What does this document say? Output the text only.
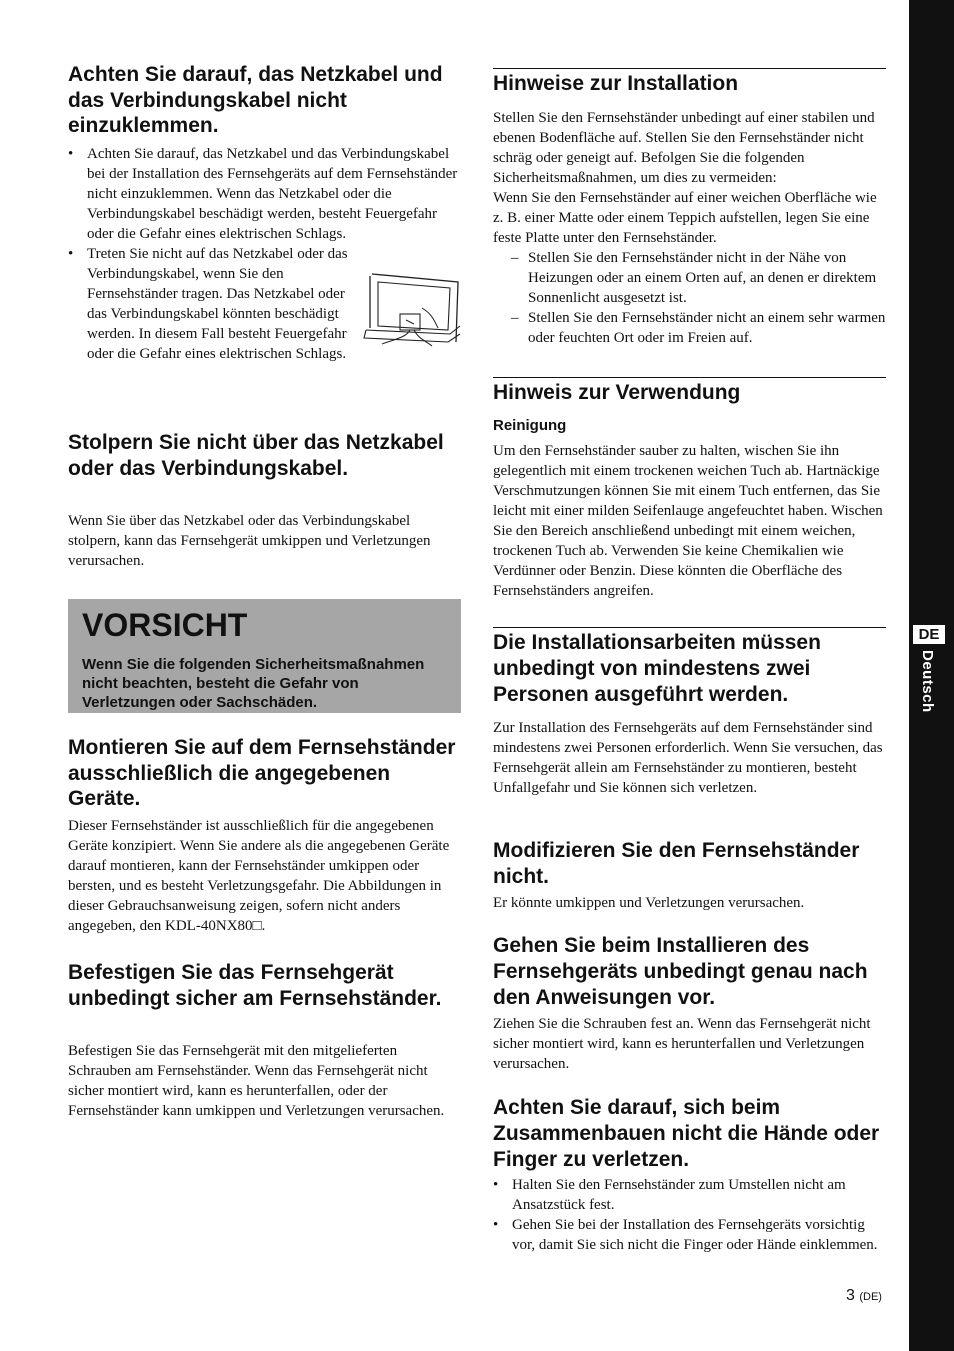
Achten Sie darauf, das Netzkabel und das Verbindungskabel nicht einzuklemmen.
• Achten Sie darauf, das Netzkabel und das Verbindungskabel bei der Installation des Fernsehgeräts auf dem Fernsehständer nicht einzuklemmen. Wenn das Netzkabel oder die Verbindungskabel beschädigt werden, besteht Feuergefahr oder die Gefahr eines elektrischen Schlags.
• Treten Sie nicht auf das Netzkabel oder das Verbindungskabel, wenn Sie den Fernsehständer tragen. Das Netzkabel oder das Verbindungskabel könnten beschädigt werden. In diesem Fall besteht Feuergefahr oder die Gefahr eines elektrischen Schlags.
Stolpern Sie nicht über das Netzkabel oder das Verbindungskabel.

Wenn Sie über das Netzkabel oder das Verbindungskabel stolpern, kann das Fernsehgerät umkippen und Verletzungen verursachen.

VORSICHT
Wenn Sie die folgenden Sicherheitsmaßnahmen nicht beachten, besteht die Gefahr von Verletzungen oder Sachschäden.
Montieren Sie auf dem Fernsehständer ausschließlich die angegebenen Geräte.

Dieser Fernsehständer ist ausschließlich für die angegebenen Geräte konzipiert. Wenn Sie andere als die angegebenen Geräte darauf montieren, kann der Fernsehständer umkippen oder bersten, und es besteht Verletzungsgefahr. Die Abbildungen in dieser Gebrauchsanweisung zeigen, sofern nicht anders angegeben, den KDL-40NX80□.

Befestigen Sie das Fernsehgerät unbedingt sicher am Fernsehständer.

Befestigen Sie das Fernsehgerät mit den mitgelieferten Schrauben am Fernsehständer. Wenn das Fernsehgerät nicht sicher montiert wird, kann es herunterfallen, oder der Fernsehständer kann umkippen und Verletzungen verursachen.

Hinweise zur Installation

Stellen Sie den Fernsehständer unbedingt auf einer stabilen und ebenen Bodenfläche auf. Stellen Sie den Fernsehständer nicht schräg oder geneigt auf. Befolgen Sie die folgenden Sicherheitsmaßnahmen, um dies zu vermeiden:

Wenn Sie den Fernsehständer auf einer weichen Oberfläche wie z. B. einer Matte oder einem Teppich aufstellen, legen Sie eine feste Platte unter den Fernsehständer.

– Stellen Sie den Fernsehständer nicht in der Nähe von Heizungen oder an einem Orten auf, an denen er direktem Sonnenlicht ausgesetzt ist.
– Stellen Sie den Fernsehständer nicht an einem sehr warmen oder feuchten Ort oder im Freien auf.
Hinweis zur Verwendung
Reinigung

Um den Fernsehständer sauber zu halten, wischen Sie ihn gelegentlich mit einem trockenen weichen Tuch ab. Hartnäckige Verschmutzungen können Sie mit einem Tuch entfernen, das Sie leicht mit einer milden Seifenlauge angefeuchtet haben. Wischen Sie den Bereich anschließend unbedingt mit einem weichen, trockenen Tuch ab. Verwenden Sie keine Chemikalien wie Verdünner oder Benzin. Diese könnten die Oberfläche des Fernsehständers angreifen.

Die Installationsarbeiten müssen unbedingt von mindestens zwei Personen ausgeführt werden.

Zur Installation des Fernsehgeräts auf dem Fernsehständer sind mindestens zwei Personen erforderlich. Wenn Sie versuchen, das Fernsehgerät allein am Fernsehständer zu montieren, besteht Unfallgefahr und Sie können sich verletzen.

Modifizieren Sie den Fernsehständer nicht.

Er könnte umkippen und Verletzungen verursachen.

Gehen Sie beim Installieren des Fernsehgeräts unbedingt genau nach den Anweisungen vor.

Ziehen Sie die Schrauben fest an. Wenn das Fernsehgerät nicht sicher montiert wird, kann es herunterfallen und Verletzungen verursachen.

Achten Sie darauf, sich beim Zusammenbauen nicht die Hände oder Finger zu verletzen.
• Halten Sie den Fernsehständer zum Umstellen nicht am Ansatzstück fest.
• Gehen Sie bei der Installation des Fernsehgeräts vorsichtig vor, damit Sie sich nicht die Finger oder Hände einklemmen.
DE
Deutsch
3 (DE)
